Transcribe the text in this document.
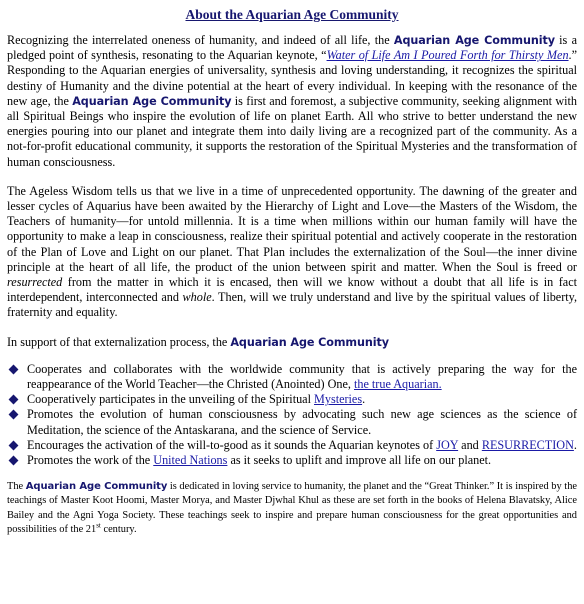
About the Aquarian Age Community

Recognizing the interrelated oneness of humanity, and indeed of all life, the Aquarian Age Community is a pledged point of synthesis, resonating to the Aquarian keynote, “Water of Life Am I Poured Forth for Thirsty Men.” Responding to the Aquarian energies of universality, synthesis and loving understanding, it recognizes the spiritual destiny of Humanity and the divine potential at the heart of every individual. In keeping with the resonance of the new age, the Aquarian Age Community is first and foremost, a subjective community, seeking alignment with all Spiritual Beings who inspire the evolution of life on planet Earth. All who strive to better understand the new energies pouring into our planet and integrate them into daily living are a recognized part of the community. As a not-for-profit educational community, it supports the restoration of the Spiritual Mysteries and the transformation of human consciousness.

The Ageless Wisdom tells us that we live in a time of unprecedented opportunity. The dawning of the greater and lesser cycles of Aquarius have been awaited by the Hierarchy of Light and Love—the Masters of the Wisdom, the Teachers of humanity—for untold millennia. It is a time when millions within our human family will have the opportunity to make a leap in consciousness, realize their spiritual potential and actively cooperate in the restoration of the Plan of Love and Light on our planet. That Plan includes the externalization of the Soul—the inner divine principle at the heart of all life, the product of the union between spirit and matter. When the Soul is freed or resurrected from the matter in which it is encased, then will we know without a doubt that all life is in fact interdependent, interconnected and whole. Then, will we truly understand and live by the spiritual values of liberty, fraternity and equality.

In support of that externalization process, the Aquarian Age Community

Cooperates and collaborates with the worldwide community that is actively preparing the way for the reappearance of the World Teacher—the Christed (Anointed) One, the true Aquarian.
Cooperatively participates in the unveiling of the Spiritual Mysteries.
Promotes the evolution of human consciousness by advocating such new age sciences as the science of Meditation, the science of the Antaskarana, and the science of Service.
Encourages the activation of the will-to-good as it sounds the Aquarian keynotes of JOY and RESURRECTION.
Promotes the work of the United Nations as it seeks to uplift and improve all life on our planet.

The Aquarian Age Community is dedicated in loving service to humanity, the planet and the “Great Thinker.” It is inspired by the teachings of Master Koot Hoomi, Master Morya, and Master Djwhal Khul as these are set forth in the books of Helena Blavatsky, Alice Bailey and the Agni Yoga Society. These teachings seek to inspire and prepare human consciousness for the great opportunities and possibilities of the 21st century.
